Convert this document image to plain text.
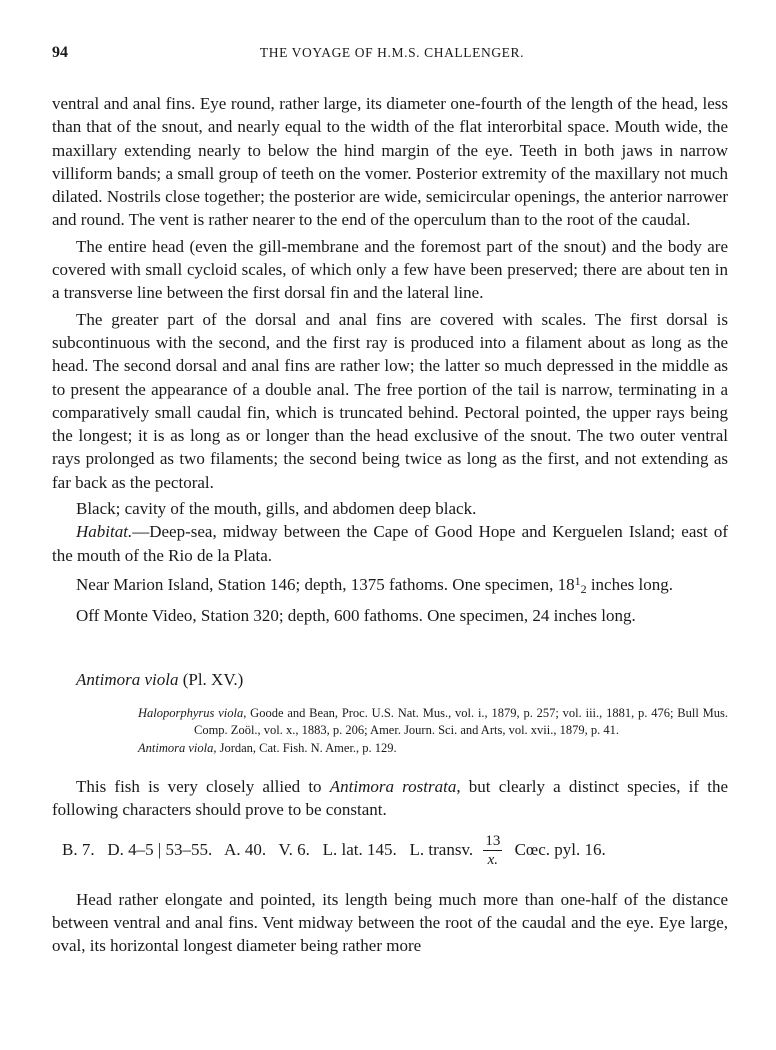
94	THE VOYAGE OF H.M.S. CHALLENGER.

ventral and anal fins. Eye round, rather large, its diameter one-fourth of the length of the head, less than that of the snout, and nearly equal to the width of the flat interorbital space. Mouth wide, the maxillary extending nearly to below the hind margin of the eye. Teeth in both jaws in narrow villiform bands; a small group of teeth on the vomer. Posterior extremity of the maxillary not much dilated. Nostrils close together; the posterior are wide, semicircular openings, the anterior narrower and round. The vent is rather nearer to the end of the operculum than to the root of the caudal.

The entire head (even the gill-membrane and the foremost part of the snout) and the body are covered with small cycloid scales, of which only a few have been preserved; there are about ten in a transverse line between the first dorsal fin and the lateral line.

The greater part of the dorsal and anal fins are covered with scales. The first dorsal is subcontinuous with the second, and the first ray is produced into a filament about as long as the head. The second dorsal and anal fins are rather low; the latter so much depressed in the middle as to present the appearance of a double anal. The free portion of the tail is narrow, terminating in a comparatively small caudal fin, which is truncated behind. Pectoral pointed, the upper rays being the longest; it is as long as or longer than the head exclusive of the snout. The two outer ventral rays prolonged as two filaments; the second being twice as long as the first, and not extending as far back as the pectoral.

Black; cavity of the mouth, gills, and abdomen deep black.

Habitat.—Deep-sea, midway between the Cape of Good Hope and Kerguelen Island; east of the mouth of the Rio de la Plata.

Near Marion Island, Station 146; depth, 1375 fathoms. One specimen, 18$^1$2 inches long.

Off Monte Video, Station 320; depth, 600 fathoms. One specimen, 24 inches long.

Antimora viola (Pl. XV.)
Haloporphyrus viola, Goode and Bean, Proc. U.S. Nat. Mus., vol. i., 1879, p. 257; vol. iii., 1881, p. 476; Bull Mus. Comp. Zoöl., vol. x., 1883, p. 206; Amer. Journ. Sci. and Arts, vol. xvii., 1879, p. 41.
Antimora viola, Jordan, Cat. Fish. N. Amer., p. 129.

This fish is very closely allied to Antimora rostrata, but clearly a distinct species, if the following characters should prove to be constant.

B. 7.   D. 4–5 | 53–55.   A. 40.   V. 6.   L. lat. 145.   L. transv. $\frac{13}{x.}$ Cœc. pyl. 16.

Head rather elongate and pointed, its length being much more than one-half of the distance between ventral and anal fins. Vent midway between the root of the caudal and the eye. Eye large, oval, its horizontal longest diameter being rather more
